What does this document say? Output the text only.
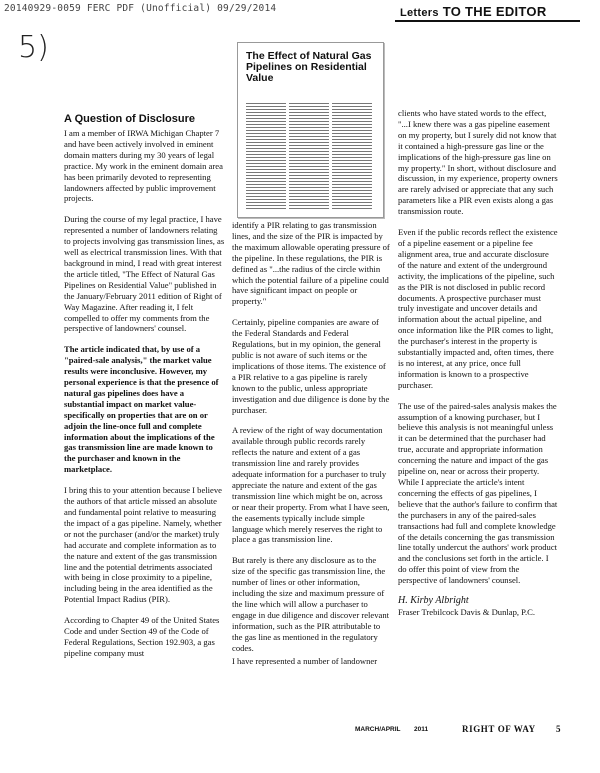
20140929-0059 FERC PDF (Unofficial) 09/29/2014	Letters TO THE EDITOR
5)	The Effect of Natural Gas Pipelines on Residential Value
A Question of Disclosure

I am a member of IRWA Michigan Chapter 7 and have been actively involved in eminent domain matters during my 30 years of legal practice. My work in the eminent domain area has been primarily devoted to representing landowners affected by public improvement projects.

During the course of my legal practice, I have represented a number of landowners relating to projects involving gas transmission lines, as well as electrical transmission lines. With that background in mind, I read with great interest the article titled, "The Effect of Natural Gas Pipelines on Residential Value" published in the January/February 2011 edition of Right of Way Magazine. After reading it, I felt compelled to offer my comments from the perspective of landowners' counsel.

The article indicated that, by use of a "paired-sale analysis," the market value results were inconclusive. However, my personal experience is that the presence of natural gas pipelines does have a substantial impact on market value-specifically on properties that are on or adjoin the line-once full and complete information about the implications of the gas transmission line are made known to the purchaser and known in the marketplace.

I bring this to your attention because I believe the authors of that article missed an absolute and fundamental point relative to measuring the impact of a gas pipeline. Namely, whether or not the purchaser (and/or the market) truly had accurate and complete information as to the nature and extent of the gas transmission line and the potential detriments associated with being in close proximity to a pipeline, including being in the area identified as the Potential Impact Radius (PIR).

According to Chapter 49 of the United States Code and under Section 49 of the Code of Federal Regulations, Section 192.903, a gas pipeline company must

identify a PIR relating to gas transmission lines, and the size of the PIR is impacted by the maximum allowable operating pressure of the pipeline. In these regulations, the PIR is defined as "...the radius of the circle within which the potential failure of a pipeline could have significant impact on people or property."

Certainly, pipeline companies are aware of the Federal Standards and Federal Regulations, but in my opinion, the general public is not aware of such items or the implications of those items. The existence of a PIR relative to a gas pipeline is rarely known to the public, unless appropriate investigation and due diligence is done by the purchaser.

A review of the right of way documentation available through public records rarely reflects the nature and extent of a gas transmission line and rarely provides adequate information for a purchaser to truly appreciate the nature and extent of the gas transmission line which might be on, across or near their property. From what I have seen, the easements typically include simple language which merely reserves the right to place a gas transmission line.

But rarely is there any disclosure as to the size of the specific gas transmission line, the number of lines or other information, including the size and maximum pressure of the line which will allow a purchaser to engage in due diligence and discover relevant information, such as the PIR attributable to the gas line as mentioned in the regulatory codes.

I have represented a number of landowner

clients who have stated words to the effect, "...I knew there was a gas pipeline easement on my property, but I surely did not know that it contained a high-pressure gas line or the implications of the high-pressure gas line on my property." In short, without disclosure and discussion, in my experience, property owners are rarely advised or appreciate that any such parameters like a PIR even exists along a gas transmission route.

Even if the public records reflect the existence of a pipeline easement or a pipeline fee alignment area, true and accurate disclosure of the nature and extent of the underground activity, the implications of the pipeline, such as the PIR is not disclosed in public record documents. A prospective purchaser must truly investigate and uncover details and information about the actual pipeline, and once information like the PIR comes to light, the purchaser's interest in the property is substantially impacted and, often times, there is no interest, at any price, once full information is known to a prospective purchaser.

The use of the paired-sales analysis makes the assumption of a knowing purchaser, but I believe this analysis is not meaningful unless it can be determined that the purchaser had true, accurate and appropriate information concerning the nature and impact of the gas pipeline on, near or across their property. While I appreciate the article's intent concerning the effects of gas pipelines, I believe that the author's failure to confirm that the purchasers in any of the paired-sales transactions had full and complete knowledge of the details concerning the gas transmission line totally undercut the authors' work product and the conclusions set forth in the article. I do offer this point of view from the perspective of landowners' counsel.

H. Kirby Albright
Fraser Trebilcock Davis & Dunlap, P.C.
MARCH/APRIL 2011	RIGHT OF WAY 5
